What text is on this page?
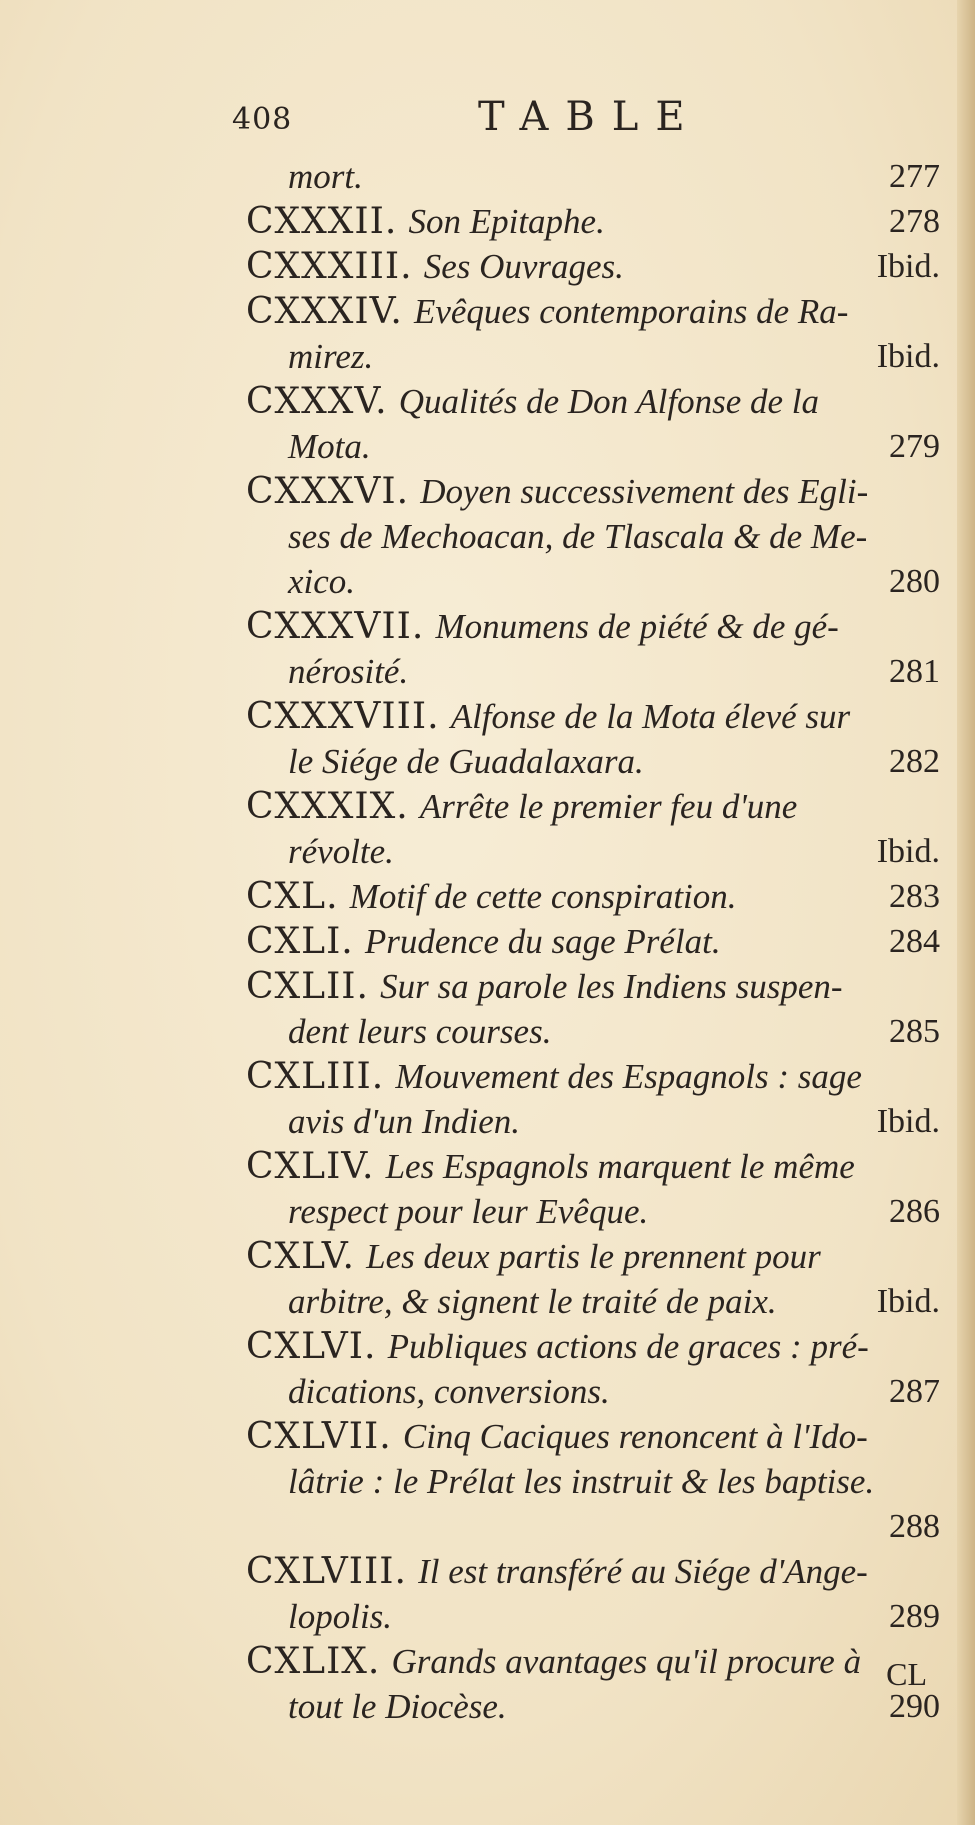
408	TABLE
mort.	277
CXXXII. Son Epitaphe.	278
CXXXIII. Ses Ouvrages.	Ibid.
CXXXIV. Evêques contemporains de Ra-
mirez.	Ibid.
CXXXV. Qualités de Don Alfonse de la
Mota.	279
CXXXVI. Doyen successivement des Egli-
ses de Mechoacan, de Tlascala & de Me-
xico.	280
CXXXVII. Monumens de piété & de gé-
nérosité.	281
CXXXVIII. Alfonse de la Mota élevé sur
le Siége de Guadalaxara.	282
CXXXIX. Arrête le premier feu d'une
révolte.	Ibid.
CXL. Motif de cette conspiration.	283
CXLI. Prudence du sage Prélat.	284
CXLII. Sur sa parole les Indiens suspen-
dent leurs courses.	285
CXLIII. Mouvement des Espagnols : sage
avis d'un Indien.	Ibid.
CXLIV. Les Espagnols marquent le même
respect pour leur Evêque.	286
CXLV. Les deux partis le prennent pour
arbitre, & signent le traité de paix.	Ibid.
CXLVI. Publiques actions de graces : pré-
dications, conversions.	287
CXLVII. Cinq Caciques renoncent à l'Ido-
lâtrie : le Prélat les instruit & les baptise.
288
CXLVIII. Il est transféré au Siége d'Ange-
lopolis.	289
CXLIX. Grands avantages qu'il procure à
tout le Diocèse.	290
CL
